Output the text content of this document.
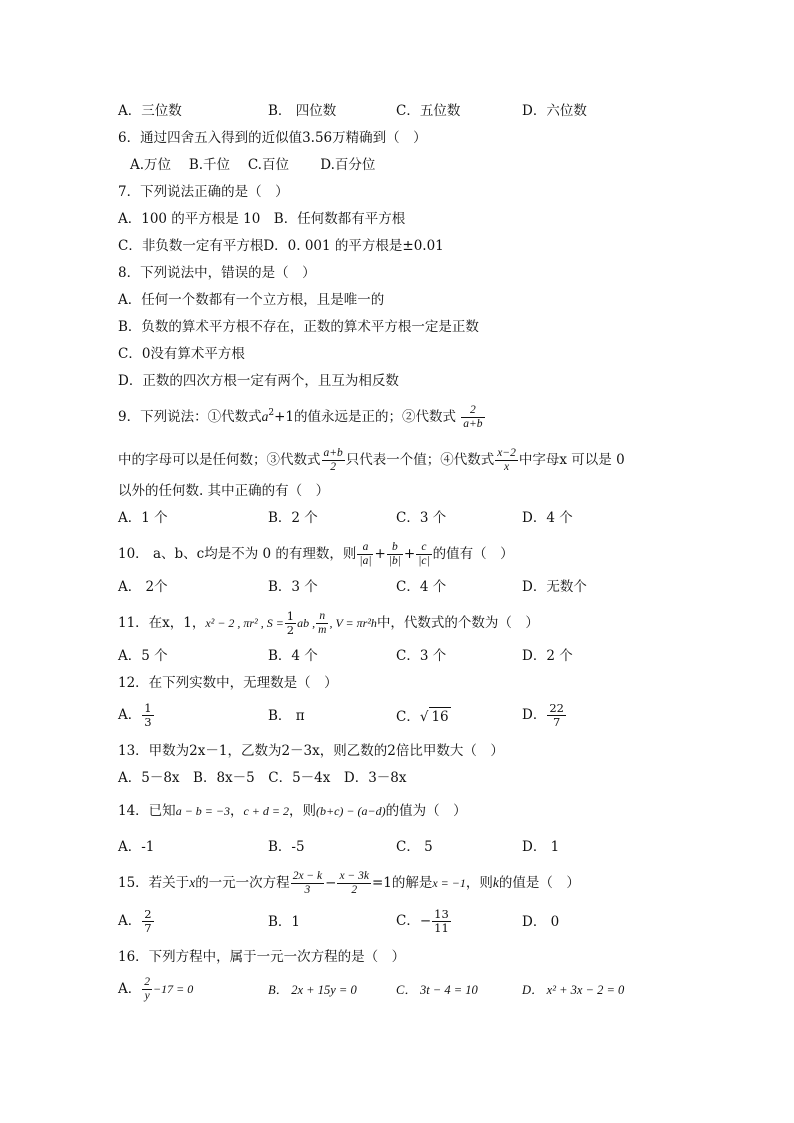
A．三位数	B． 四位数	C．五位数	D．六位数
6．通过四舍五入得到的近似值3.56万精确到（　）
A.万位　 B.千位　 C.百位　　 D.百分位
7．下列说法正确的是（　）
A．100 的平方根是 10　B．任何数都有平方根
C．非负数一定有平方根D．0. 001 的平方根是±0.01
8．下列说法中，错误的是（　）
A．任何一个数都有一个立方根，且是唯一的
B．负数的算术平方根不存在，正数的算术平方根一定是正数
C．0没有算术平方根
D．正数的四次方根一定有两个，且互为相反数
9．下列说法：①代数式$a^2+1$的值永远是正的；②代数式 $\frac{2}{a+b}$
中的字母可以是任何数；③代数式 $\frac{a+b}{2}$ 只代表一个值；④代数式 $\frac{x-2}{x}$ 中字母x 可以是 0
以外的任何数. 其中正确的有（　）
A．1 个	B．2 个	C．3 个	D．4 个
10． a、b、c均是不为 0 的有理数，则 $\frac{a}{|a|} + \frac{b}{|b|} + \frac{c}{|c|}$ 的值有（　）
A． 2个	B．3 个	C．4 个	D．无数个
11．在x，1，x² − 2 , πr² , $S = \frac{1}{2}$ ab , $\frac{n}{m}$ , V = πr²h中，代数式的个数为（　）
A．5 个	B．4 个	C．3 个	D．2 个
12．在下列实数中，无理数是（　）
A． $\frac{1}{3}$	B． π	C．√ 16	D． $\frac{22}{7}$
13．甲数为2x－1，乙数为2－3x，则乙数的2倍比甲数大（　）
A．5－8x　B．8x－5　C．5－4x　D．3－8x
14．已知a − b = −3，c + d = 2，则(b+c) − (a−d)的值为（　）
A．-1	B．-5	C． 5	D． 1
15．若关于x的一元一次方程 $\frac{2x - k}{3} - \frac{x - 3k}{2} =1$的解是x = −1，则k的值是（　）
A． $\frac{2}{7}$	B．1	C．− $\frac{13}{11}$	D． 0
16．下列方程中，属于一元一次方程的是（　）
A． $\frac{2}{y} -17 = 0$	B． 2x + 15y = 0	C． 3t − 4 = 10	D． x² + 3x − 2 = 0
